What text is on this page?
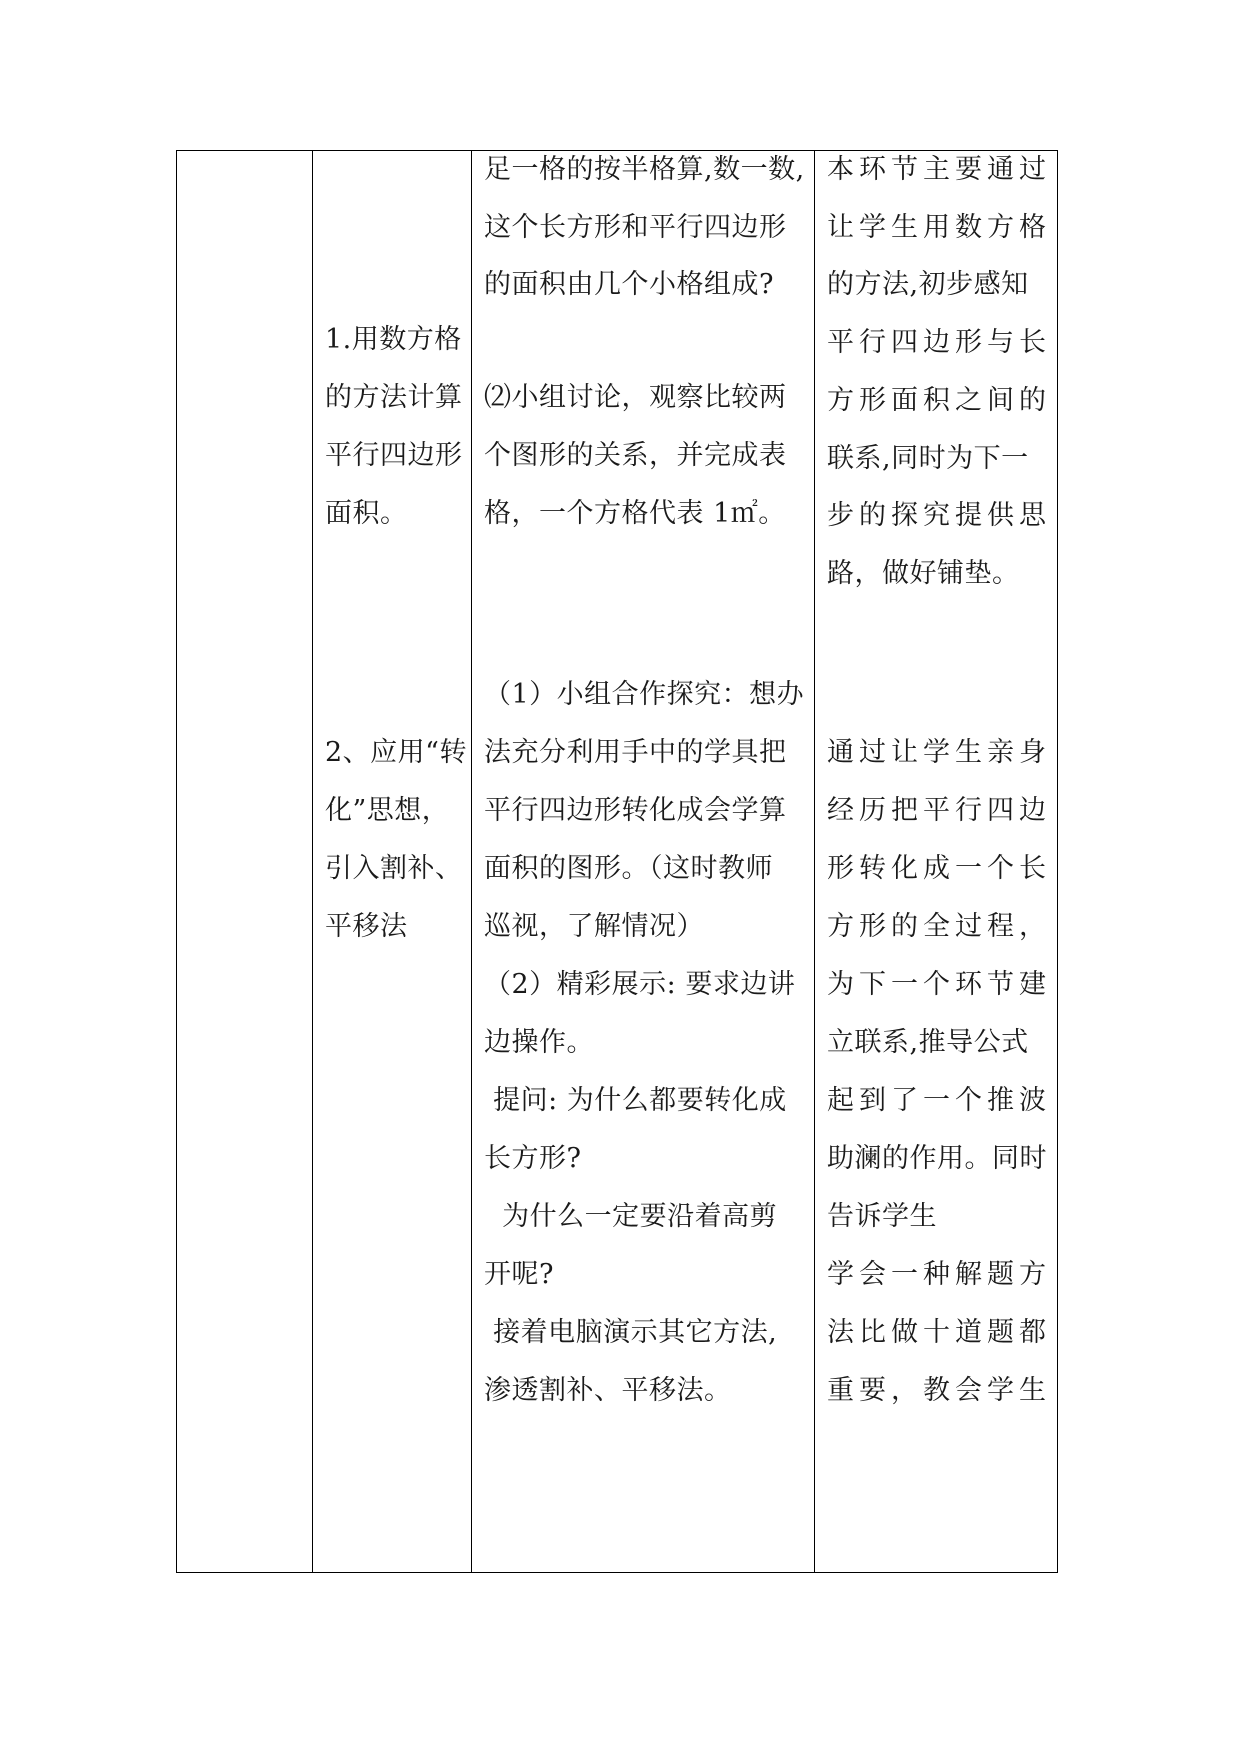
1.用数方格
的方法计算
平行四边形
面积。
2、应用“转
化”思想，
引入割补、
平移法
足一格的按半格算,数一数,
这个长方形和平行四边形
的面积由几个小格组成?
⑵小组讨论，观察比较两
个图形的关系，并完成表
格，一个方格代表 1㎡。
（1）小组合作探究：想办
法充分利用手中的学具把
平行四边形转化成会学算
面积的图形。（这时教师
巡视，了解情况）
（2）精彩展示: 要求边讲
边操作。
提问: 为什么都要转化成
长方形?
为什么一定要沿着高剪
开呢?
接着电脑演示其它方法,
渗透割补、平移法。
本环节主要通过
让学生用数方格
的方法,初步感知
平行四边形与长
方形面积之间的
联系,同时为下一
步的探究提供思
路，做好铺垫。
通过让学生亲身
经历把平行四边
形转化成一个长
方形的全过程，
为下一个环节建
立联系,推导公式
起到了一个推波
助澜的作用。同时
告诉学生
学会一种解题方
法比做十道题都
重要，教会学生
